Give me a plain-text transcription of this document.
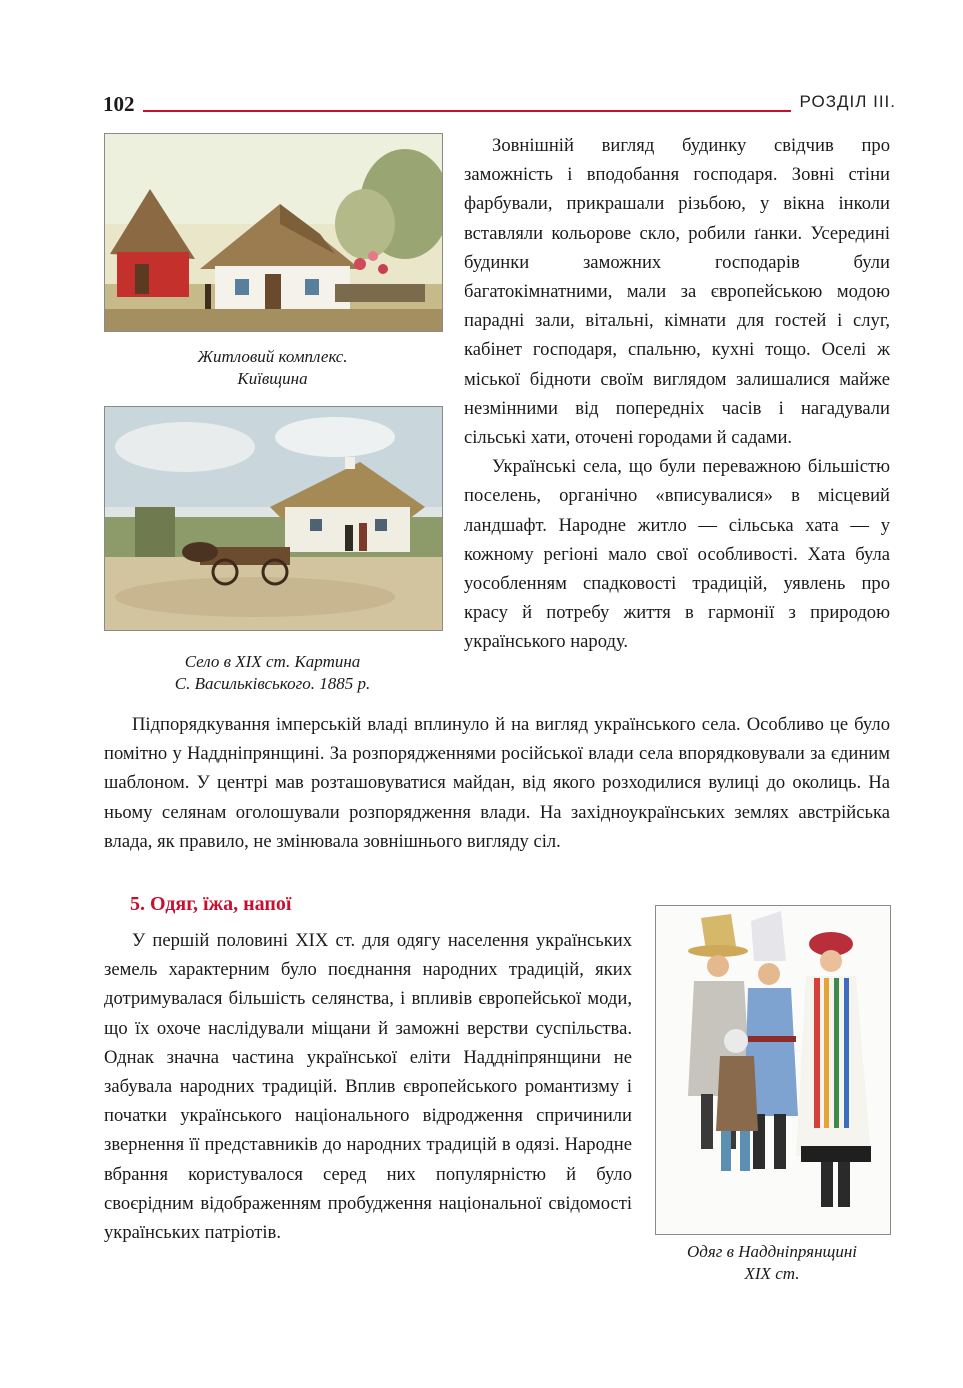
102	РОЗДІЛ ІІІ.
Житловий комплекс.
Київщина
Село в ХІХ ст. Картина
С. Васильківського. 1885 р.

Зовнішній вигляд будинку свідчив про заможність і вподобання господаря. Зовні стіни фарбували, прикрашали різьбою, у вікна інколи вставляли кольорове скло, робили ґанки. Усередині будинки заможних господарів були багатокімнатними, мали за європейською модою парадні зали, вітальні, кімнати для гостей і слуг, кабінет господаря, спальню, кухні тощо. Оселі ж міської бідноти своїм виглядом залишалися майже незмінними від попередніх часів і нагадували сільські хати, оточені городами й садами.

Українські села, що були переважною більшістю поселень, органічно «вписувалися» в місцевий ландшафт. Народне житло — сільська хата — у кожному регіоні мало свої особливості. Хата була уособленням спадковості традицій, уявлень про красу й потребу життя в гармонії з природою українського народу.

Підпорядкування імперській владі вплинуло й на вигляд українського села. Особливо це було помітно у Наддніпрянщині. За розпорядженнями російської влади села впорядковували за єдиним шаблоном. У центрі мав розташовуватися майдан, від якого розходилися вулиці до околиць. На ньому селянам оголошували розпорядження влади. На західноукраїнських землях австрійська влада, як правило, не змінювала зовнішнього вигляду сіл.

5. Одяг, їжа, напої

У першій половині ХІХ ст. для одягу населення українських земель характерним було поєднання народних традицій, яких дотримувалася більшість селянства, і впливів європейської моди, що їх охоче наслідували міщани й заможні верстви суспільства. Однак значна частина української еліти Наддніпрянщини не забувала народних традицій. Вплив європейського романтизму і початки українського національного відродження спричинили звернення її представників до народних традицій в одязі. Народне вбрання користувалося серед них популярністю й було своєрідним відображенням пробудження національної свідомості українських патріотів.

Одяг в Наддніпрянщині
ХІХ ст.
